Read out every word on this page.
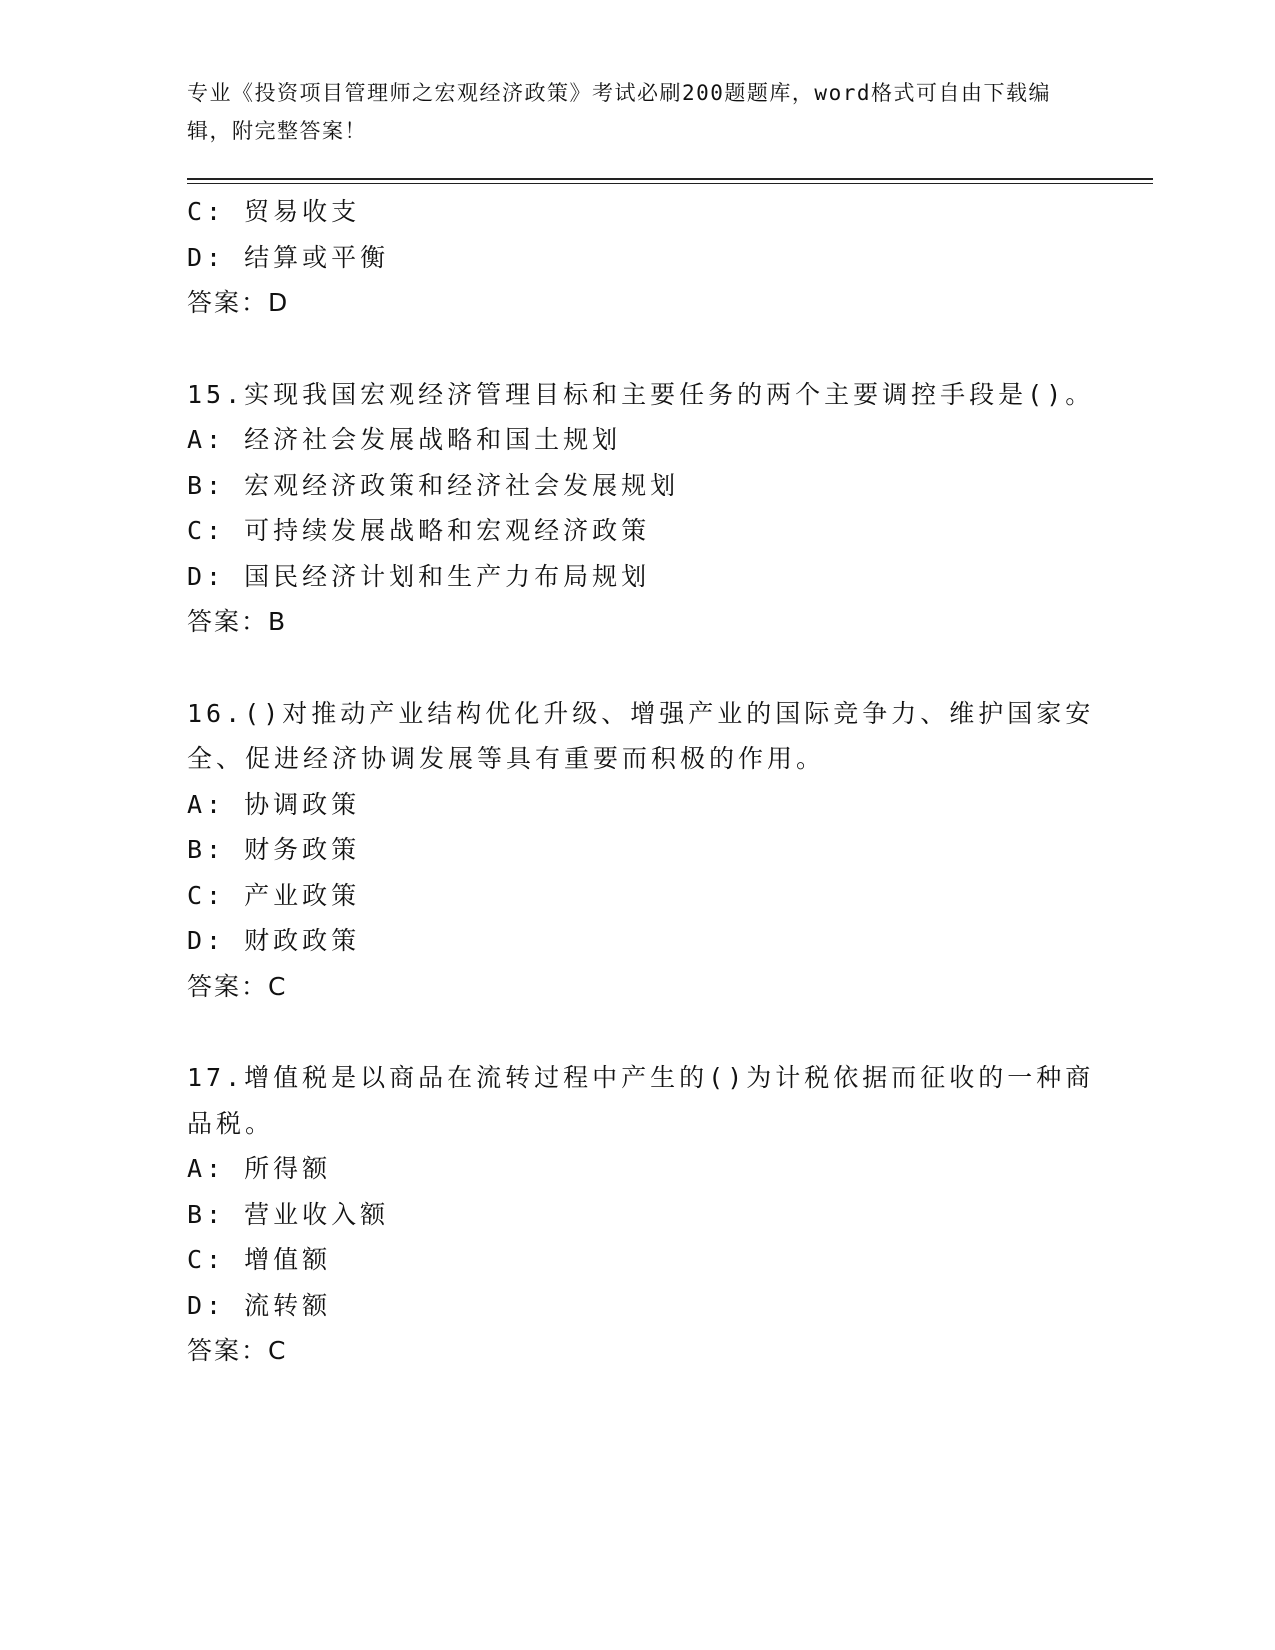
专业《投资项目管理师之宏观经济政策》考试必刷200题题库，word格式可自由下载编辑，附完整答案！

C: 贸易收支

D: 结算或平衡

答案：D

15.实现我国宏观经济管理目标和主要任务的两个主要调控手段是()。

A: 经济社会发展战略和国土规划

B: 宏观经济政策和经济社会发展规划

C: 可持续发展战略和宏观经济政策

D: 国民经济计划和生产力布局规划

答案：B

16.()对推动产业结构优化升级、增强产业的国际竞争力、维护国家安

全、促进经济协调发展等具有重要而积极的作用。

A: 协调政策

B: 财务政策

C: 产业政策

D: 财政政策

答案：C

17.增值税是以商品在流转过程中产生的()为计税依据而征收的一种商

品税。

A: 所得额

B: 营业收入额

C: 增值额

D: 流转额

答案：C
